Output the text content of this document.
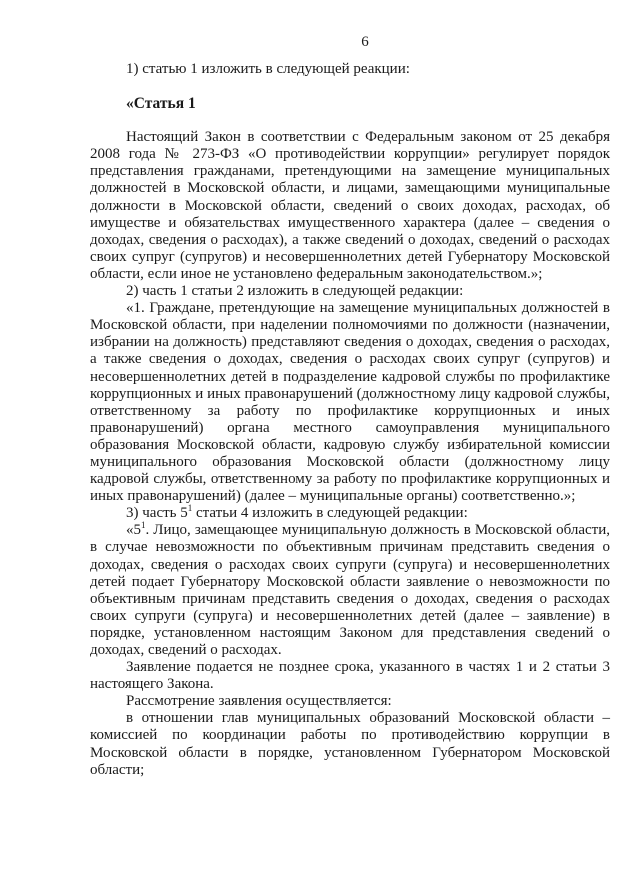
6

1) статью 1 изложить в следующей реакции:

«Статья 1

Настоящий Закон в соответствии с Федеральным законом от 25 декабря 2008 года № 273-ФЗ «О противодействии коррупции» регулирует порядок представления гражданами, претендующими на замещение муниципальных должностей в Московской области, и лицами, замещающими муниципальные должности в Московской области, сведений о своих доходах, расходах, об имуществе и обязательствах имущественного характера (далее – сведения о доходах, сведения о расходах), а также сведений о доходах, сведений о расходах своих супруг (супругов) и несовершеннолетних детей Губернатору Московской области, если иное не установлено федеральным законодательством.»;

2) часть 1 статьи 2 изложить в следующей редакции:

«1. Граждане, претендующие на замещение муниципальных должностей в Московской области, при наделении полномочиями по должности (назначении, избрании на должность) представляют сведения о доходах, сведения о расходах, а также сведения о доходах, сведения о расходах своих супруг (супругов) и несовершеннолетних детей в подразделение кадровой службы по профилактике коррупционных и иных правонарушений (должностному лицу кадровой службы, ответственному за работу по профилактике коррупционных и иных правонарушений) органа местного самоуправления муниципального образования Московской области, кадровую службу избирательной комиссии муниципального образования Московской области (должностному лицу кадровой службы, ответственному за работу по профилактике коррупционных и иных правонарушений) (далее – муниципальные органы) соответственно.»;

3) часть $5^1$ статьи 4 изложить в следующей редакции:

«$5^1$. Лицо, замещающее муниципальную должность в Московской области, в случае невозможности по объективным причинам представить сведения о доходах, сведения о расходах своих супруги (супруга) и несовершеннолетних детей подает Губернатору Московской области заявление о невозможности по объективным причинам представить сведения о доходах, сведения о расходах своих супруги (супруга) и несовершеннолетних детей (далее – заявление) в порядке, установленном настоящим Законом для представления сведений о доходах, сведений о расходах.

Заявление подается не позднее срока, указанного в частях 1 и 2 статьи 3 настоящего Закона.

Рассмотрение заявления осуществляется:

в отношении глав муниципальных образований Московской области – комиссией по координации работы по противодействию коррупции в Московской области в порядке, установленном Губернатором Московской области;
